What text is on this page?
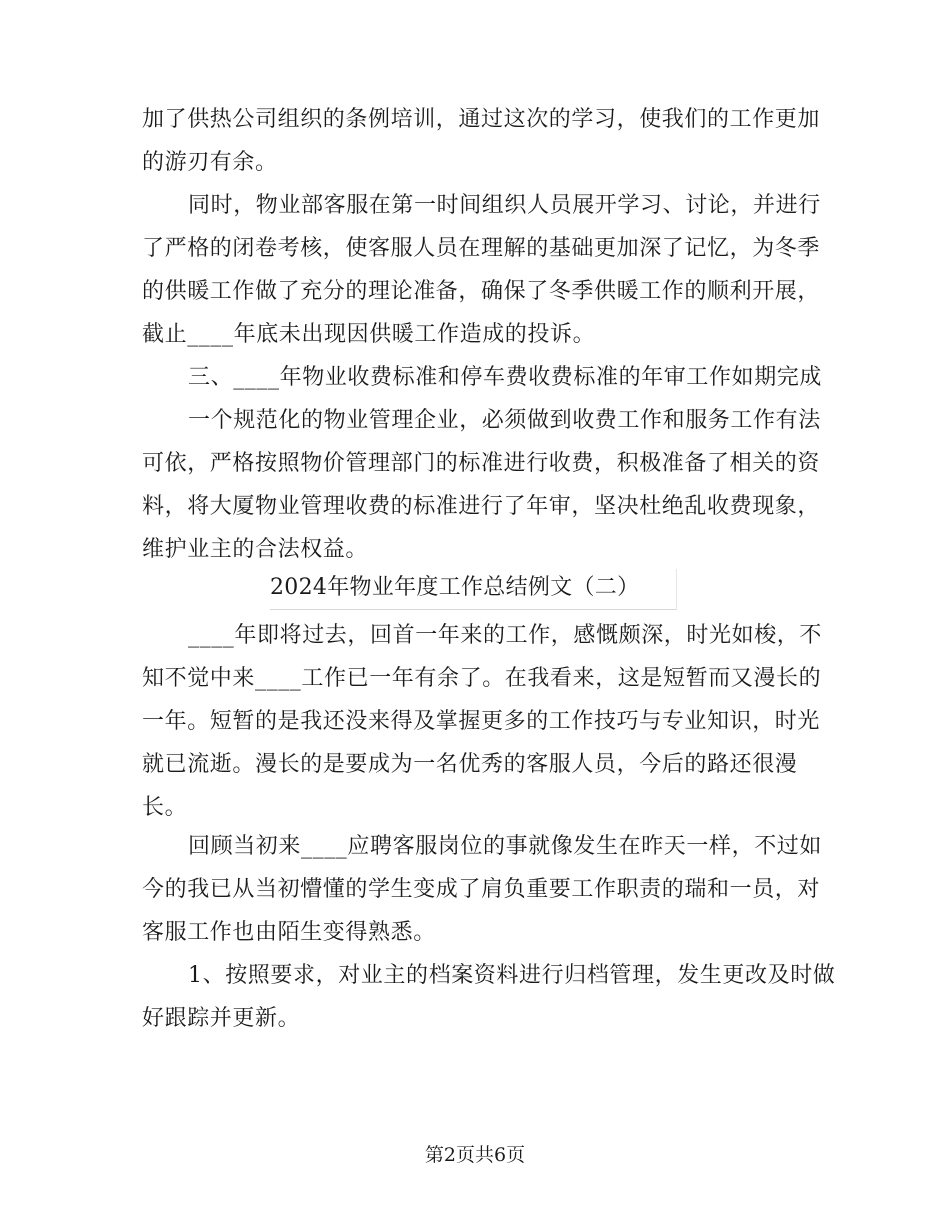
加了供热公司组织的条例培训，通过这次的学习，使我们的工作更加
的游刃有余。
同时，物业部客服在第一时间组织人员展开学习、讨论，并进行
了严格的闭卷考核，使客服人员在理解的基础更加深了记忆，为冬季
的供暖工作做了充分的理论准备，确保了冬季供暖工作的顺利开展，
截止____年底未出现因供暖工作造成的投诉。
三、____年物业收费标准和停车费收费标准的年审工作如期完成
一个规范化的物业管理企业，必须做到收费工作和服务工作有法
可依，严格按照物价管理部门的标准进行收费，积极准备了相关的资
料，将大厦物业管理收费的标准进行了年审，坚决杜绝乱收费现象，
维护业主的合法权益。
2024年物业年度工作总结例文（二）
____年即将过去，回首一年来的工作，感慨颇深，时光如梭，不
知不觉中来____工作已一年有余了。在我看来，这是短暂而又漫长的
一年。短暂的是我还没来得及掌握更多的工作技巧与专业知识，时光
就已流逝。漫长的是要成为一名优秀的客服人员，今后的路还很漫
长。
回顾当初来____应聘客服岗位的事就像发生在昨天一样，不过如
今的我已从当初懵懂的学生变成了肩负重要工作职责的瑞和一员，对
客服工作也由陌生变得熟悉。
1、按照要求，对业主的档案资料进行归档管理，发生更改及时做
好跟踪并更新。
第2页共6页
